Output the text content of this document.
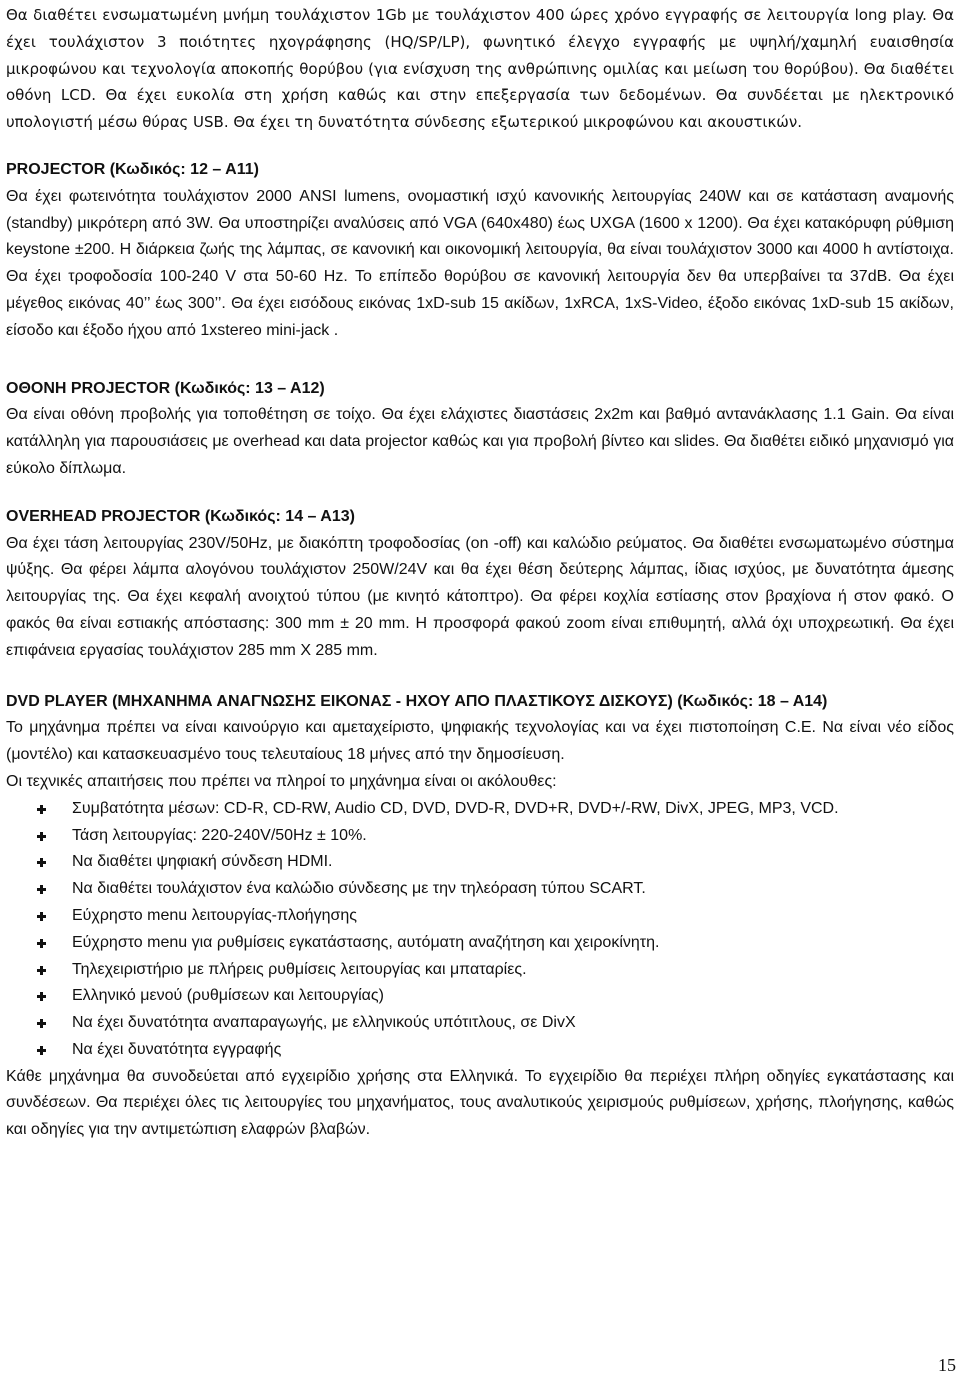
Θα διαθέτει ενσωματωμένη μνήμη τουλάχιστον 1Gb με τουλάχιστον 400 ώρες χρόνο εγγραφής σε λειτουργία long play. Θα έχει τουλάχιστον 3 ποιότητες ηχογράφησης (HQ/SP/LP), φωνητικό έλεγχο εγγραφής με υψηλή/χαμηλή ευαισθησία μικροφώνου και τεχνολογία αποκοπής θορύβου (για ενίσχυση της ανθρώπινης ομιλίας και μείωση του θορύβου). Θα διαθέτει οθόνη LCD. Θα έχει ευκολία στη χρήση καθώς και στην επεξεργασία των δεδομένων. Θα συνδέεται με ηλεκτρονικό υπολογιστή μέσω θύρας USB. Θα έχει τη δυνατότητα σύνδεσης εξωτερικού μικροφώνου και ακουστικών.

PROJECTOR (Κωδικός: 12 – Α11)

Θα έχει φωτεινότητα τουλάχιστον 2000 ANSI lumens, ονομαστική ισχύ κανονικής λειτουργίας 240W και σε κατάσταση αναμονής (standby) μικρότερη από 3W. Θα υποστηρίζει αναλύσεις από VGA (640x480) έως UXGA (1600 x 1200). Θα έχει κατακόρυφη ρύθμιση keystone ±200. Η διάρκεια ζωής της λάμπας, σε κανονική και οικονομική λειτουργία, θα είναι τουλάχιστον 3000 και 4000 h αντίστοιχα. Θα έχει τροφοδοσία 100-240 V στα 50-60 Hz. Το επίπεδο θορύβου σε κανονική λειτουργία δεν θα υπερβαίνει τα 37dB. Θα έχει μέγεθος εικόνας 40’’ έως 300’’. Θα έχει εισόδους εικόνας 1xD-sub 15 ακίδων, 1xRCA, 1xS-Video, έξοδο εικόνας 1xD-sub 15 ακίδων, είσοδο και έξοδο ήχου από 1xstereo mini-jack .

ΟΘΟΝΗ PROJECTOR (Κωδικός: 13 – Α12)

Θα είναι οθόνη προβολής για τοποθέτηση σε τοίχο. Θα έχει ελάχιστες διαστάσεις 2x2m και βαθμό αντανάκλασης 1.1 Gain. Θα είναι κατάλληλη για παρουσιάσεις με overhead και data projector καθώς και για προβολή βίντεο και slides. Θα διαθέτει ειδικό μηχανισμό για εύκολο δίπλωμα.

OVERHEAD PROJECTOR (Κωδικός: 14 – Α13)

Θα έχει τάση λειτουργίας 230V/50Hz, με διακόπτη τροφοδοσίας (on -off) και καλώδιο ρεύματος. Θα διαθέτει ενσωματωμένο σύστημα ψύξης. Θα φέρει λάμπα αλογόνου τουλάχιστον 250W/24V και θα έχει θέση δεύτερης λάμπας, ίδιας ισχύος, με δυνατότητα άμεσης λειτουργίας της. Θα έχει κεφαλή ανοιχτού τύπου (με κινητό κάτοπτρο). Θα φέρει κοχλία εστίασης στον βραχίονα ή στον φακό. Ο φακός θα είναι εστιακής απόστασης: 300 mm ± 20 mm. Η προσφορά φακού zoom είναι επιθυμητή, αλλά όχι υποχρεωτική. Θα έχει επιφάνεια εργασίας τουλάχιστον 285 mm X 285 mm.

DVD PLAYER (ΜΗΧΑΝΗΜΑ ΑΝΑΓΝΩΣΗΣ ΕΙΚΟΝΑΣ - ΗΧΟΥ ΑΠΟ ΠΛΑΣΤΙΚΟΥΣ ΔΙΣΚΟΥΣ) (Κωδικός: 18 – Α14)

Το μηχάνημα πρέπει να είναι καινούργιο και αμεταχείριστο, ψηφιακής τεχνολογίας και να έχει πιστοποίηση C.E. Να είναι νέο είδος (μοντέλο) και κατασκευασμένο τους τελευταίους 18 μήνες από την δημοσίευση.

Οι τεχνικές απαιτήσεις που πρέπει να πληροί το μηχάνημα είναι οι ακόλουθες:

Συμβατότητα μέσων: CD-R, CD-RW, Audio CD, DVD, DVD-R, DVD+R, DVD+/-RW, DivX, JPEG, MP3, VCD.
Τάση λειτουργίας: 220-240V/50Hz ± 10%.
Να διαθέτει ψηφιακή σύνδεση HDMI.
Να διαθέτει τουλάχιστον ένα καλώδιο σύνδεσης με την τηλεόραση τύπου SCART.
Εύχρηστο menu λειτουργίας-πλοήγησης
Εύχρηστο menu για ρυθμίσεις εγκατάστασης, αυτόματη αναζήτηση και χειροκίνητη.
Τηλεχειριστήριο με πλήρεις ρυθμίσεις λειτουργίας και μπαταρίες.
Ελληνικό μενού (ρυθμίσεων και λειτουργίας)
Να έχει δυνατότητα αναπαραγωγής, με ελληνικούς υπότιτλους, σε DivX
Να έχει δυνατότητα εγγραφής

Κάθε μηχάνημα θα συνοδεύεται από εγχειρίδιο χρήσης στα Ελληνικά. Το εγχειρίδιο θα περιέχει πλήρη οδηγίες εγκατάστασης και συνδέσεων. Θα περιέχει όλες τις λειτουργίες του μηχανήματος, τους αναλυτικούς χειρισμούς ρυθμίσεων, χρήσης, πλοήγησης, καθώς και οδηγίες για την αντιμετώπιση ελαφρών βλαβών.

15
